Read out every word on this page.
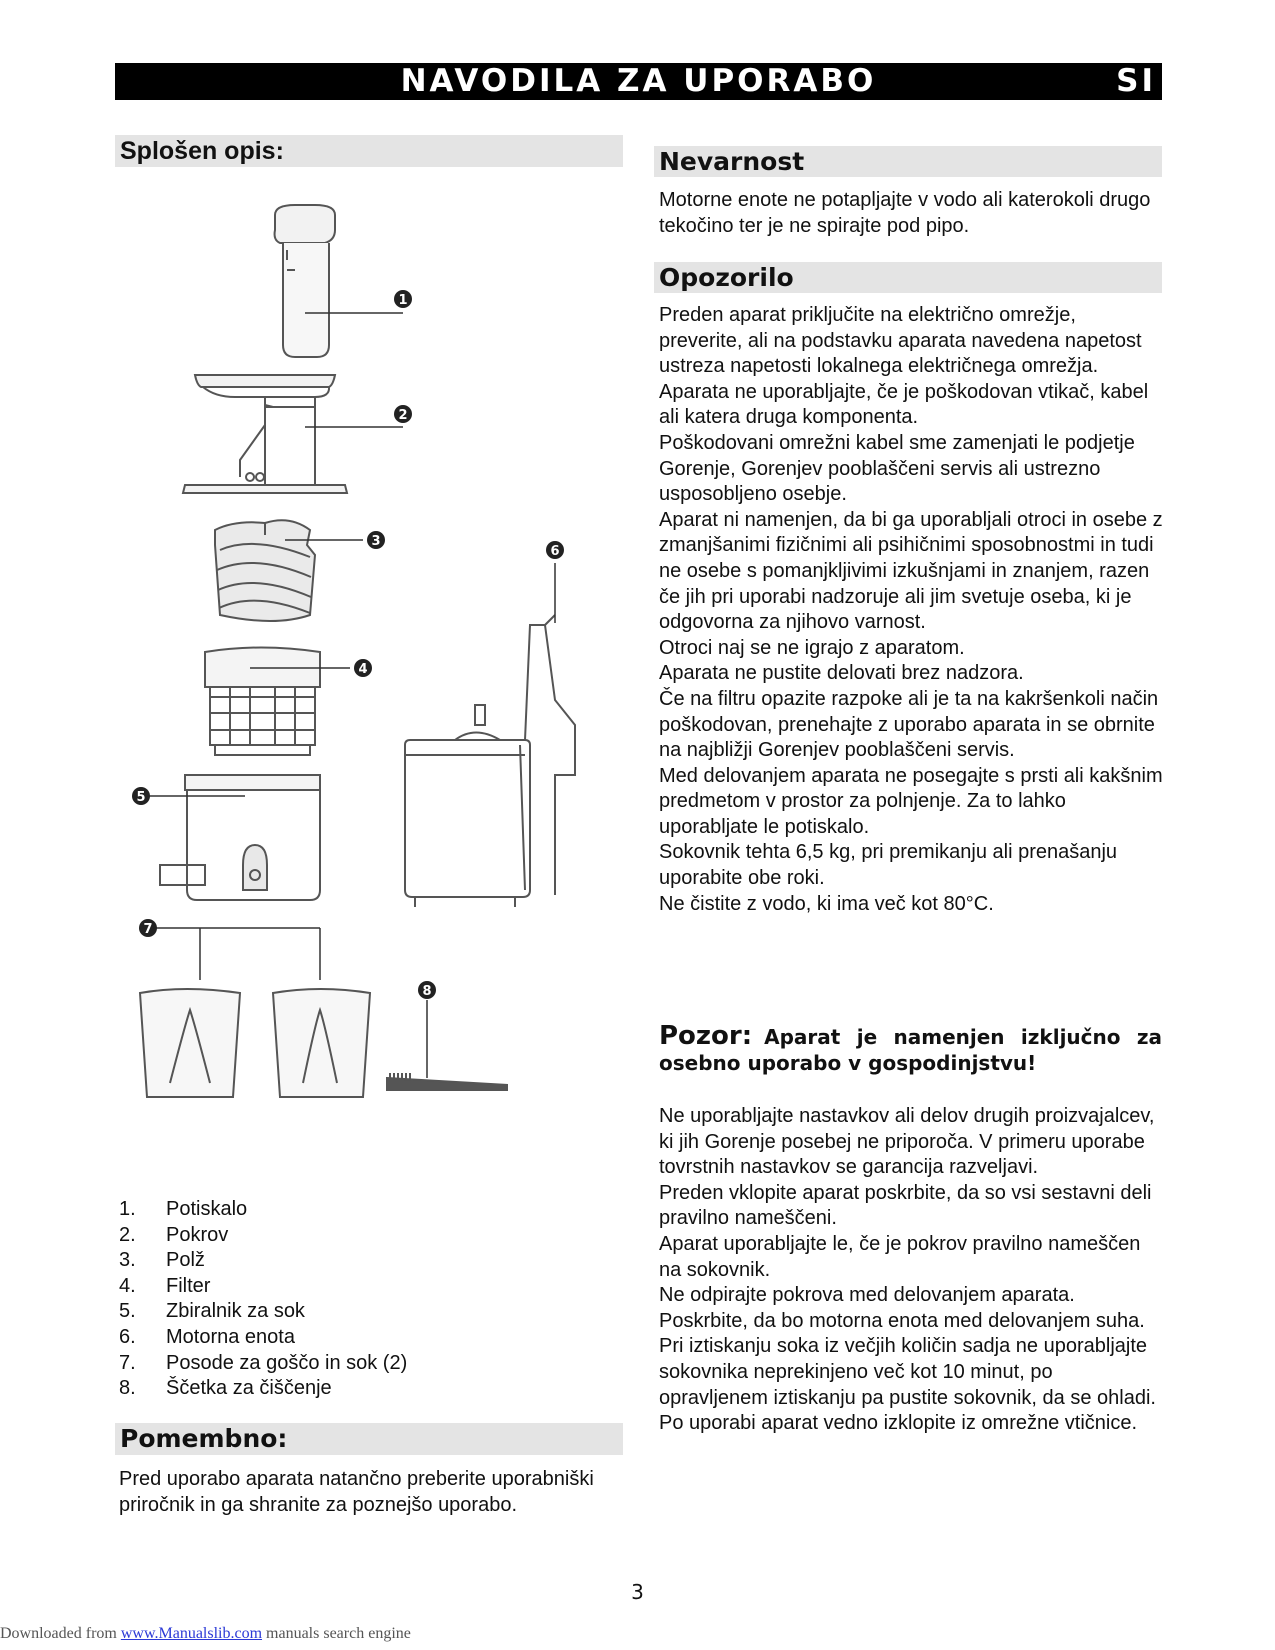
NAVODILA ZA UPORABO	SI
Splošen opis:
1
2
3
4
5
6
7
8
1.	Potiskalo
2.	Pokrov
3.	Polž
4.	Filter
5.	Zbiralnik za sok
6.	Motorna enota
7.	Posode za goščo in sok (2)
8.	Ščetka za čiščenje
Pomembno:

Pred uporabo aparata natančno preberite uporabniški priročnik in ga shranite za poznejšo uporabo.

Nevarnost

Motorne enote ne potapljajte v vodo ali katerokoli drugo tekočino ter je ne spirajte pod pipo.

Opozorilo
Preden aparat priključite na električno omrežje, preverite, ali na podstavku aparata navedena napetost ustreza napetosti lokalnega električnega omrežja.
Aparata ne uporabljajte, če je poškodovan vtikač, kabel ali katera druga komponenta.
Poškodovani omrežni kabel sme zamenjati le podjetje Gorenje, Gorenjev pooblaščeni servis ali ustrezno usposobljeno osebje.
Aparat ni namenjen, da bi ga uporabljali otroci in osebe z zmanjšanimi fizičnimi ali psihičnimi sposobnostmi in tudi ne osebe s pomanjkljivimi izkušnjami in znanjem, razen če jih pri uporabi nadzoruje ali jim svetuje oseba, ki je odgovorna za njihovo varnost.
Otroci naj se ne igrajo z aparatom.
Aparata ne pustite delovati brez nadzora.
Če na filtru opazite razpoke ali je ta na kakršenkoli način poškodovan, prenehajte z uporabo aparata in se obrnite na najbližji Gorenjev pooblaščeni servis.
Med delovanjem aparata ne posegajte s prsti ali kakšnim predmetom v prostor za polnjenje. Za to lahko uporabljate le potiskalo.
Sokovnik tehta 6,5 kg, pri premikanju ali prenašanju uporabite obe roki.
Ne čistite z vodo, ki ima več kot 80°C.
Pozor: Aparat je namenjen izključno za osebno uporabo v gospodinjstvu!
Ne uporabljajte nastavkov ali delov drugih proizvajalcev, ki jih Gorenje posebej ne priporoča. V primeru uporabe tovrstnih nastavkov se garancija razveljavi.
Preden vklopite aparat poskrbite, da so vsi sestavni deli pravilno nameščeni.
Aparat uporabljajte le, če je pokrov pravilno nameščen na sokovnik.
Ne odpirajte pokrova med delovanjem aparata.
Poskrbite, da bo motorna enota med delovanjem suha.
Pri iztiskanju soka iz večjih količin sadja ne uporabljajte sokovnika neprekinjeno več kot 10 minut, po opravljenem iztiskanju pa pustite sokovnik, da se ohladi.
Po uporabi aparat vedno izklopite iz omrežne vtičnice.
3
Downloaded from www.Manualslib.com manuals search engine
